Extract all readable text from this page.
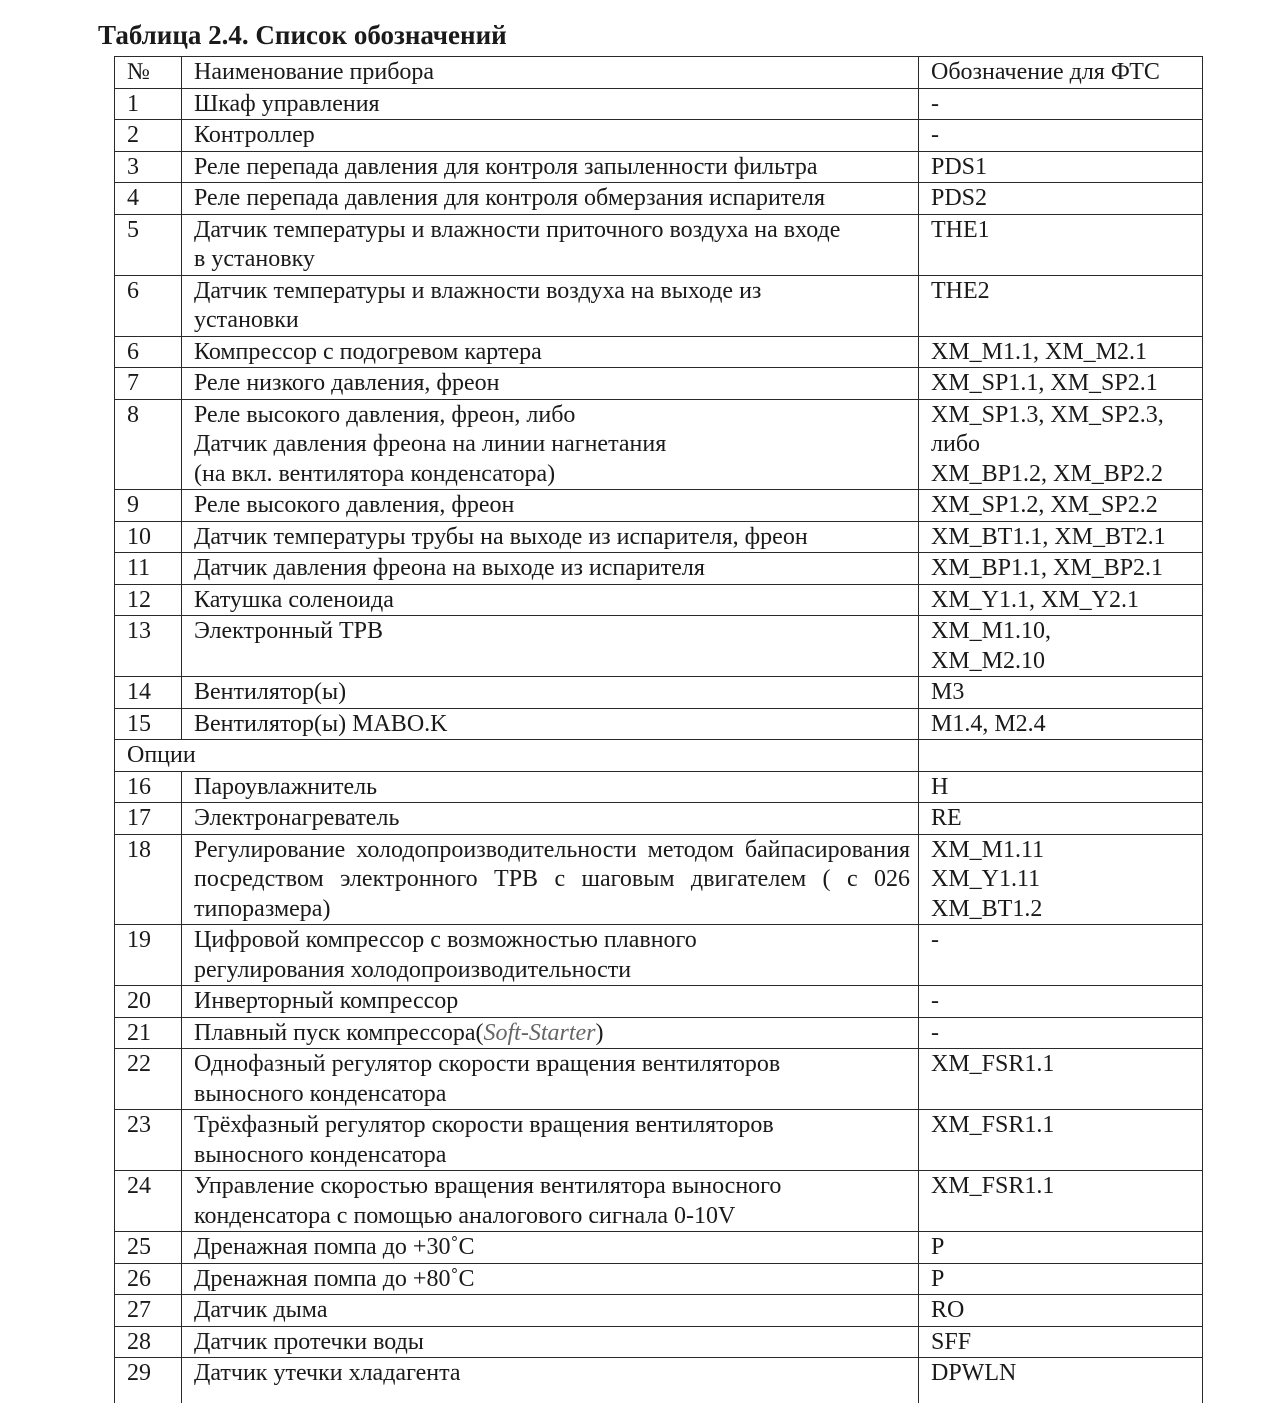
Таблица 2.4. Список обозначений
№	Наименование прибора	Обозначение для ФТС
1	Шкаф управления	-
2	Контроллер	-
3	Реле перепада давления для контроля запыленности фильтра	PDS1
4	Реле перепада давления для контроля обмерзания испарителя	PDS2
5	Датчик температуры и влажности приточного воздуха на входе
в установку	THE1
6	Датчик температуры и влажности воздуха на выходе из
установки	THE2
6	Компрессор с подогревом картера	XM_M1.1, XM_M2.1
7	Реле низкого давления, фреон	XM_SP1.1, XM_SP2.1
8	Реле высокого давления, фреон, либо
Датчик давления фреона на линии нагнетания
(на вкл. вентилятора конденсатора)	XM_SP1.3, XM_SP2.3,
либо
XM_BP1.2, XM_BP2.2
9	Реле высокого давления, фреон	XM_SP1.2, XM_SP2.2
10	Датчик температуры трубы на выходе из испарителя, фреон	XM_BT1.1, XM_BT2.1
11	Датчик давления фреона на выходе из испарителя	XM_BP1.1, XM_BP2.1
12	Катушка соленоида	XM_Y1.1, XM_Y2.1
13	Электронный ТРВ	XM_M1.10,
XM_M2.10
14	Вентилятор(ы)	M3
15	Вентилятор(ы) MABO.K	M1.4, M2.4
Опции		
16	Пароувлажнитель	H
17	Электронагреватель	RE
18	Регулирование холодопроизводительности методом байпасирования посредством электронного ТРВ с шаговым двигателем ( с 026 типоразмера)	XM_M1.11
XM_Y1.11
XM_BT1.2
19	Цифровой компрессор с возможностью плавного
регулирования холодопроизводительности	-
20	Инверторный компрессор	-
21	Плавный пуск компрессора(Soft-Starter)	-
22	Однофазный регулятор скорости вращения вентиляторов
выносного конденсатора	XM_FSR1.1
23	Трёхфазный регулятор скорости вращения вентиляторов
выносного конденсатора	XM_FSR1.1
24	Управление скоростью вращения вентилятора выносного
конденсатора с помощью аналогового сигнала 0-10V	XM_FSR1.1
25	Дренажная помпа до +30˚С	P
26	Дренажная помпа до +80˚С	P
27	Датчик дыма	RO
28	Датчик протечки воды	SFF
29	Датчик утечки хладагента	DPWLN
